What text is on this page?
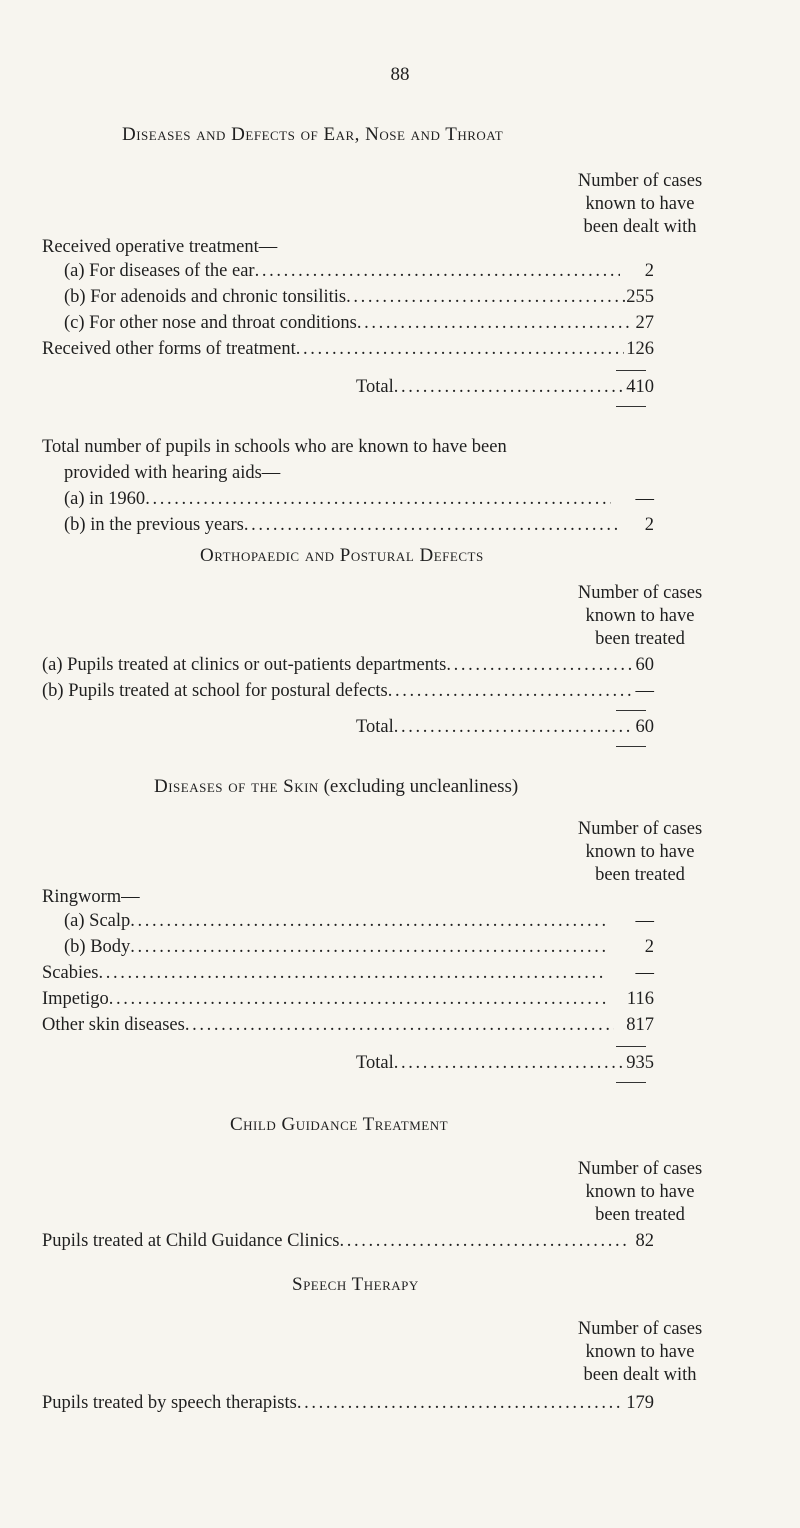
88
Diseases and Defects of Ear, Nose and Throat
Number of cases
known to have
been dealt with
Received operative treatment—
(a) For diseases of the ear . . .	2
(b) For adenoids and chronic tonsilitis . . .	255
(c) For other nose and throat conditions . . .	27
Received other forms of treatment . . .	126
Total . . .	410
Total number of pupils in schools who are known to have been
provided with hearing aids—
(a) in 1960 . . .	—
(b) in the previous years . . .	2
Orthopaedic and Postural Defects
Number of cases
known to have
been treated
(a) Pupils treated at clinics or out-patients departments . . .	60
(b) Pupils treated at school for postural defects . . .	—
Total . . .	60
Diseases of the Skin (excluding uncleanliness)
Number of cases
known to have
been treated
Ringworm—
(a) Scalp . . .	—
(b) Body . . .	2
Scabies . . .	—
Impetigo . . .	116
Other skin diseases . . .	817
Total . . .	935
Child Guidance Treatment
Number of cases
known to have
been treated
Pupils treated at Child Guidance Clinics . . .	82
Speech Therapy
Number of cases
known to have
been dealt with
Pupils treated by speech therapists . . .	179
